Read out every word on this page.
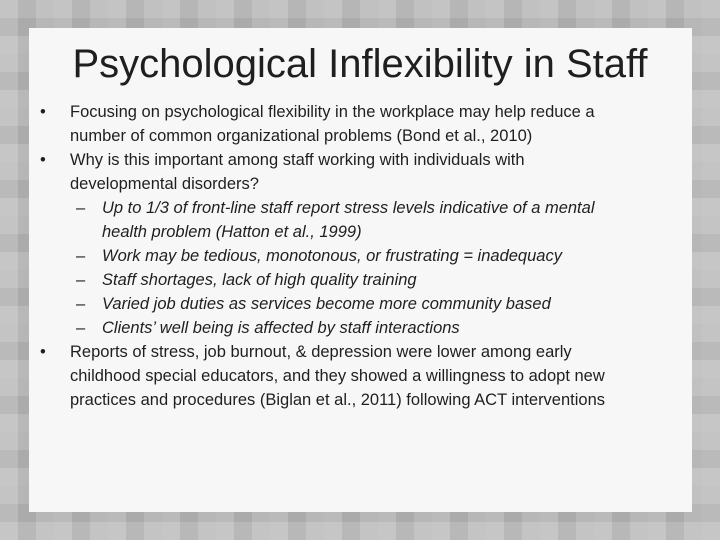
Psychological Inflexibility in Staff
• Focusing on psychological flexibility in the workplace may help reduce a number of common organizational problems (Bond et al., 2010)
• Why is this important among staff working with individuals with developmental disorders?
– Up to 1/3 of front-line staff report stress levels indicative of a mental health problem (Hatton et al., 1999)
– Work may be tedious, monotonous, or frustrating = inadequacy
– Staff shortages, lack of high quality training
– Varied job duties as services become more community based
– Clients’ well being is affected by staff interactions
• Reports of stress, job burnout, & depression were lower among early childhood special educators, and they showed a willingness to adopt new practices and procedures (Biglan et al., 2011) following ACT interventions
